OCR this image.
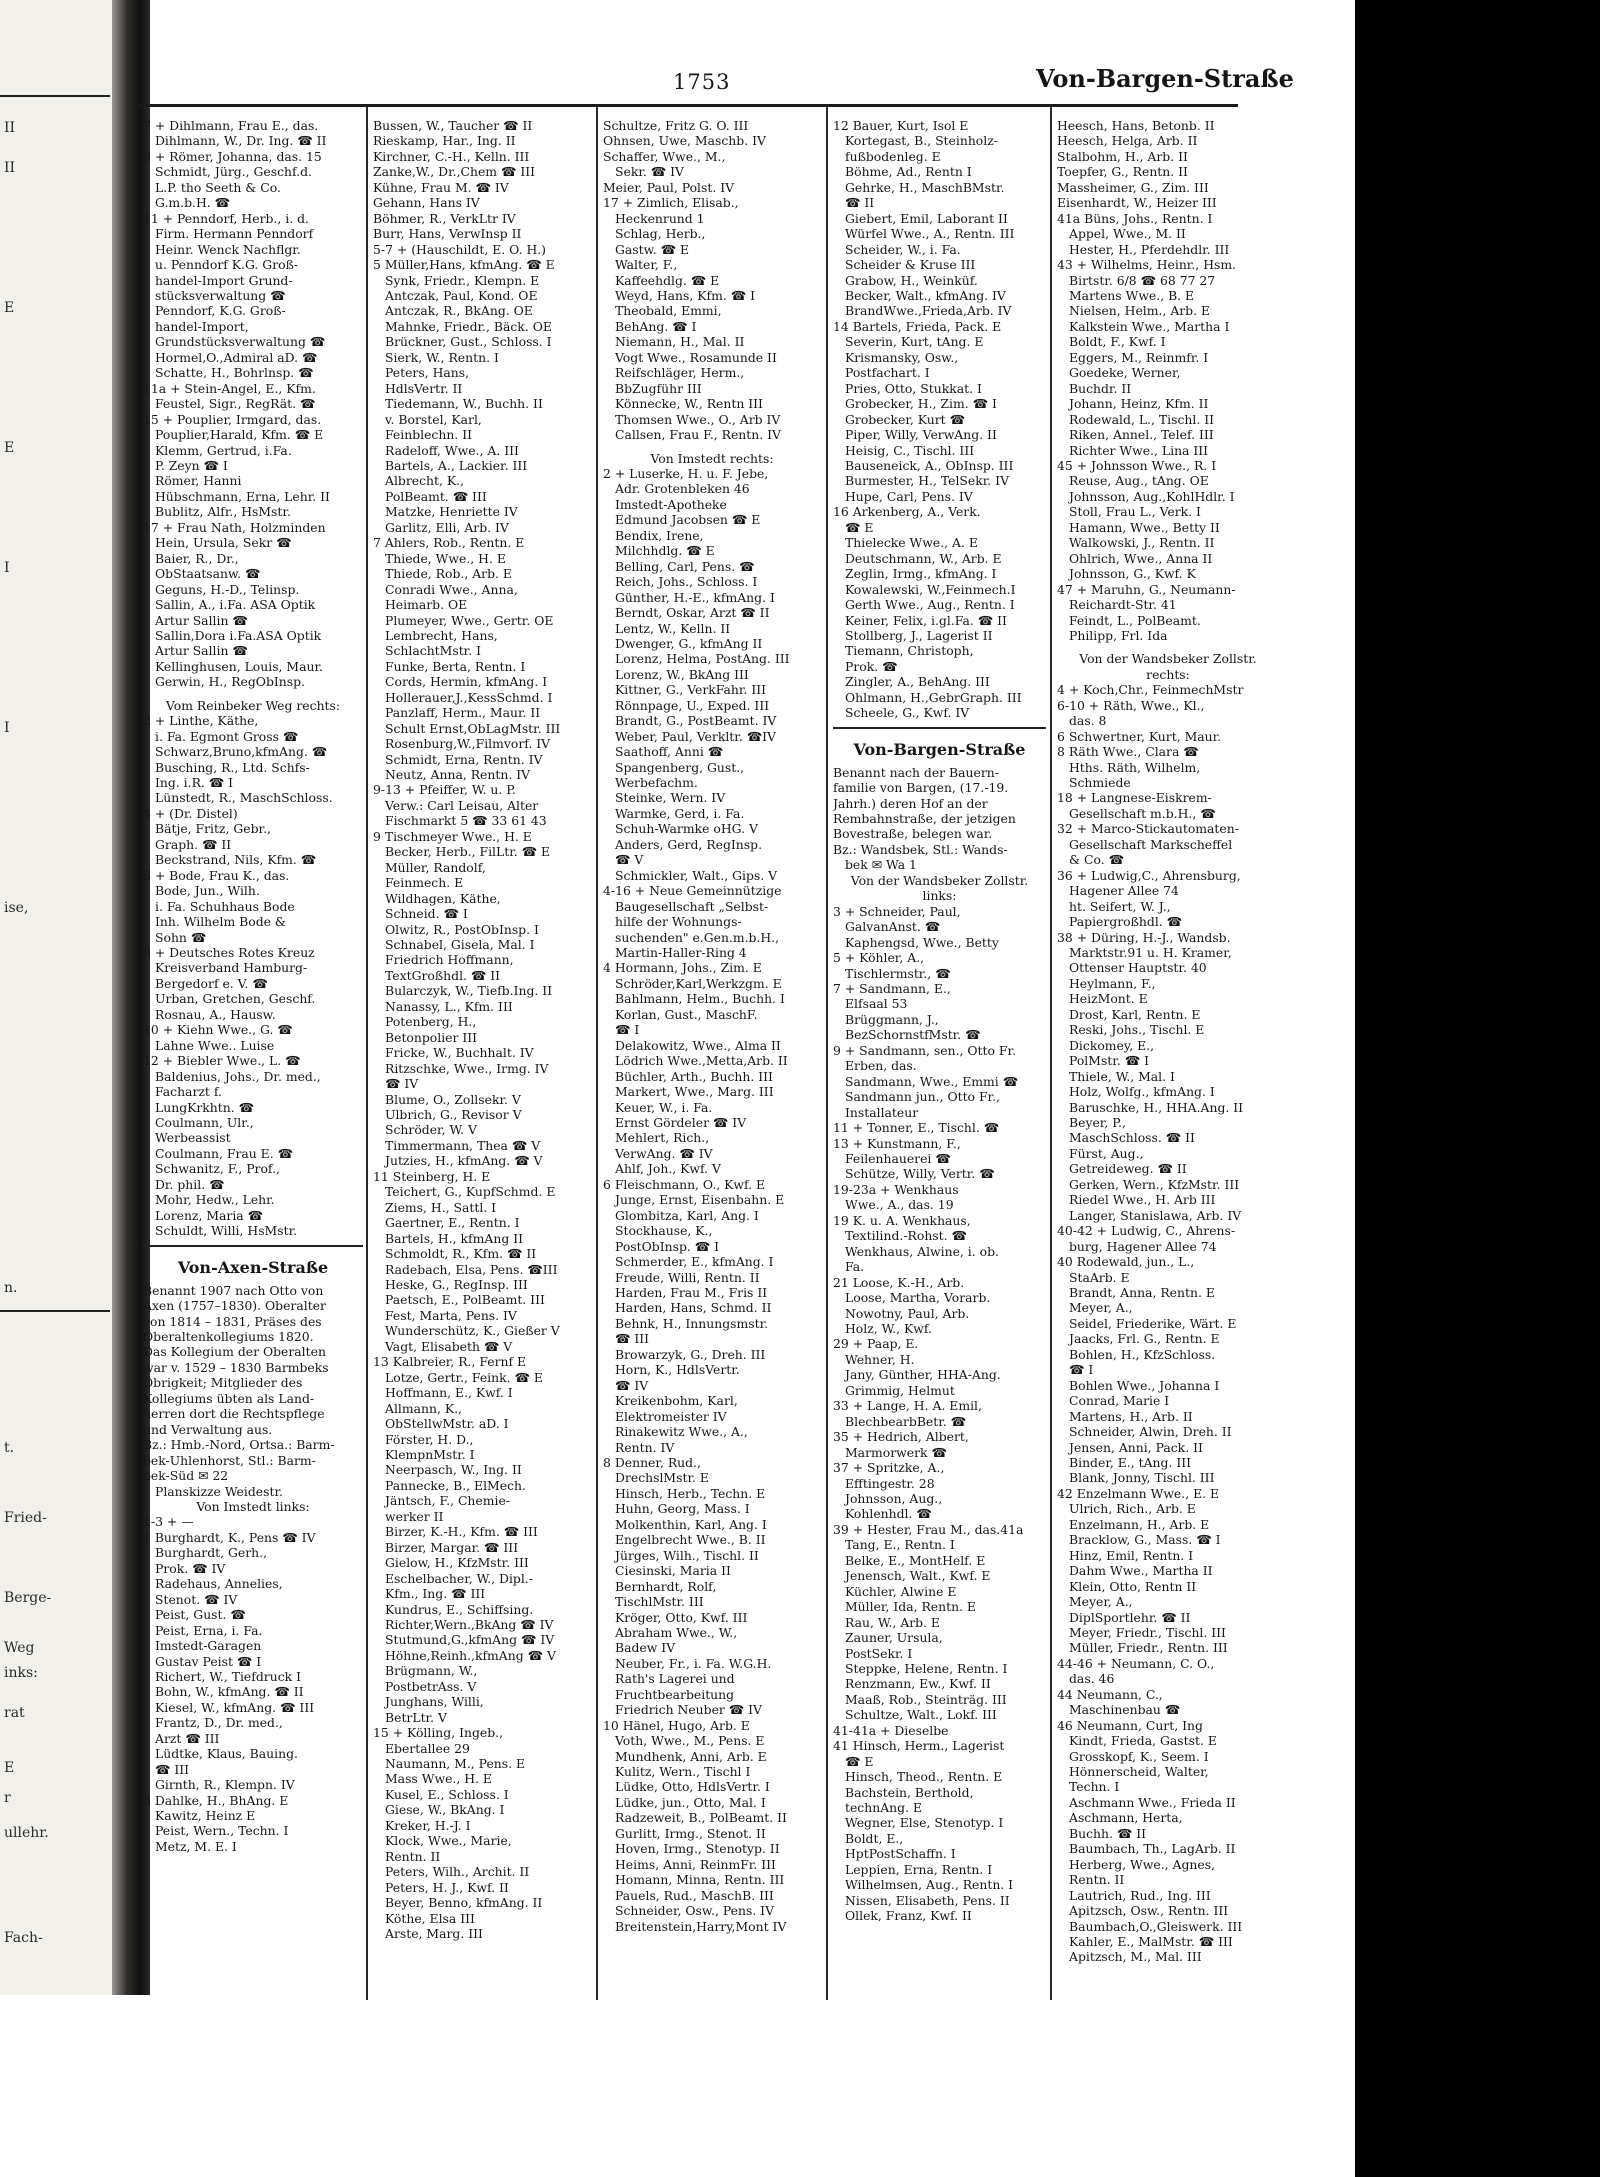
II
II
E
E
I
I
ise,
n.
t.
Fried-
Berge-
Weg
inks:
rat
E
r
ullehr.
Fach-
1753	Von-Bargen-Straße
7 + Dihlmann, Frau E., das.
Dihlmann, W., Dr. Ing. ☎ II
9 + Römer, Johanna, das. 15
Schmidt, Jürg., Geschf.d.
L.P. tho Seeth & Co.
G.m.b.H. ☎
11 + Penndorf, Herb., i. d.
Firm. Hermann Penndorf
Heinr. Wenck Nachflgr.
u. Penndorf K.G. Groß-
handel-Import Grund-
stücksverwaltung ☎
Penndorf, K.G. Groß-
handel-Import,
Grundstücksverwaltung ☎
Hormel,O.,Admiral aD. ☎
Schatte, H., Bohrlnsp. ☎
11a + Stein-Angel, E., Kfm.
Feustel, Sigr., RegRät. ☎
15 + Pouplier, Irmgard, das.
Pouplier,Harald, Kfm. ☎ E
Klemm, Gertrud, i.Fa.
P. Zeyn ☎ I
Römer, Hanni
Hübschmann, Erna, Lehr. II
Bublitz, Alfr., HsMstr.
17 + Frau Nath, Holzminden
Hein, Ursula, Sekr ☎
Baier, R., Dr.,
ObStaatsanw. ☎
Geguns, H.-D., Telinsp.
Sallin, A., i.Fa. ASA Optik
Artur Sallin ☎
Sallin,Dora i.Fa.ASA Optik
Artur Sallin ☎
Kellinghusen, Louis, Maur.
Gerwin, H., RegObInsp.
Vom Reinbeker Weg rechts:
2 + Linthe, Käthe,
i. Fa. Egmont Gross ☎
Schwarz,Bruno,kfmAng. ☎
Busching, R., Ltd. Schfs-
Ing. i.R. ☎ I
Lünstedt, R., MaschSchloss.
4 + (Dr. Distel)
Bätje, Fritz, Gebr.,
Graph. ☎ II
Beckstrand, Nils, Kfm. ☎
6 + Bode, Frau K., das.
Bode, Jun., Wilh.
i. Fa. Schuhhaus Bode
Inh. Wilhelm Bode &
Sohn ☎
8 + Deutsches Rotes Kreuz
Kreisverband Hamburg-
Bergedorf e. V. ☎
Urban, Gretchen, Geschf.
Rosnau, A., Hausw.
10 + Kiehn Wwe., G. ☎
Lahne Wwe.. Luise
12 + Biebler Wwe., L. ☎
Baldenius, Johs., Dr. med.,
Facharzt f.
LungKrkhtn. ☎
Coulmann, Ulr.,
Werbeassist
Coulmann, Frau E. ☎
Schwanitz, F., Prof.,
Dr. phil. ☎
Mohr, Hedw., Lehr.
Lorenz, Maria ☎
Schuldt, Willi, HsMstr.
Von-Axen-Straße
Benannt 1907 nach Otto von
Axen (1757–1830). Oberalter
von 1814 – 1831, Präses des
Oberaltenkollegiums 1820.
Das Kollegium der Oberalten
war v. 1529 – 1830 Barmbeks
Obrigkeit; Mitglieder des
Kollegiums übten als Land-
herren dort die Rechtspflege
und Verwaltung aus.
Bz.: Hmb.-Nord, Ortsa.: Barm-
bek-Uhlenhorst, Stl.: Barm-
bek-Süd ✉ 22
Planskizze Weidestr.
Von Imstedt links:
1-3 + —
1 Burghardt, K., Pens ☎ IV
Burghardt, Gerh.,
Prok. ☎ IV
Radehaus, Annelies,
Stenot. ☎ IV
Peist, Gust. ☎
Peist, Erna, i. Fa.
Imstedt-Garagen
Gustav Peist ☎ I
Richert, W., Tiefdruck I
Bohn, W., kfmAng. ☎ II
Kiesel, W., kfmAng. ☎ III
Frantz, D., Dr. med.,
Arzt ☎ III
Lüdtke, Klaus, Bauing.
☎ III
Girnth, R., Klempn. IV
3 Dahlke, H., BhAng. E
Kawitz, Heinz E
Peist, Wern., Techn. I
Metz, M. E. I
Bussen, W., Taucher ☎ II
Rieskamp, Har., Ing. II
Kirchner, C.-H., Kelln. III
Zanke,W., Dr.,Chem ☎ III
Kühne, Frau M. ☎ IV
Gehann, Hans IV
Böhmer, R., VerkLtr IV
Burr, Hans, VerwInsp II
5-7 + (Hauschildt, E. O. H.)
5 Müller,Hans, kfmAng. ☎ E
Synk, Friedr., Klempn. E
Antczak, Paul, Kond. OE
Antczak, R., BkAng. OE
Mahnke, Friedr., Bäck. OE
Brückner, Gust., Schloss. I
Sierk, W., Rentn. I
Peters, Hans,
HdlsVertr. II
Tiedemann, W., Buchh. II
v. Borstel, Karl,
Feinblechn. II
Radeloff, Wwe., A. III
Bartels, A., Lackier. III
Albrecht, K.,
PolBeamt. ☎ III
Matzke, Henriette IV
Garlitz, Elli, Arb. IV
7 Ahlers, Rob., Rentn. E
Thiede, Wwe., H. E
Thiede, Rob., Arb. E
Conradi Wwe., Anna,
Heimarb. OE
Plumeyer, Wwe., Gertr. OE
Lembrecht, Hans,
SchlachtMstr. I
Funke, Berta, Rentn. I
Cords, Hermin, kfmAng. I
Hollerauer,J.,KessSchmd. I
Panzlaff, Herm., Maur. II
Schult Ernst,ObLagMstr. III
Rosenburg,W.,Filmvorf. IV
Schmidt, Erna, Rentn. IV
Neutz, Anna, Rentn. IV
9-13 + Pfeiffer, W. u. P.
Verw.: Carl Leisau, Alter
Fischmarkt 5 ☎ 33 61 43
9 Tischmeyer Wwe., H. E
Becker, Herb., FilLtr. ☎ E
Müller, Randolf,
Feinmech. E
Wildhagen, Käthe,
Schneid. ☎ I
Olwitz, R., PostObInsp. I
Schnabel, Gisela, Mal. I
Friedrich Hoffmann,
TextGroßhdl. ☎ II
Bularczyk, W., Tiefb.Ing. II
Nanassy, L., Kfm. III
Potenberg, H.,
Betonpolier III
Fricke, W., Buchhalt. IV
Ritzschke, Wwe., Irmg. IV
☎ IV
Blume, O., Zollsekr. V
Ulbrich, G., Revisor V
Schröder, W. V
Timmermann, Thea ☎ V
Jutzies, H., kfmAng. ☎ V
11 Steinberg, H. E
Teichert, G., KupfSchmd. E
Ziems, H., Sattl. I
Gaertner, E., Rentn. I
Bartels, H., kfmAng II
Schmoldt, R., Kfm. ☎ II
Radebach, Elsa, Pens. ☎III
Heske, G., RegInsp. III
Paetsch, E., PolBeamt. III
Fest, Marta, Pens. IV
Wunderschütz, K., Gießer V
Vagt, Elisabeth ☎ V
13 Kalbreier, R., Fernf E
Lotze, Gertr., Feink. ☎ E
Hoffmann, E., Kwf. I
Allmann, K.,
ObStellwMstr. aD. I
Förster, H. D.,
KlempnMstr. I
Neerpasch, W., Ing. II
Pannecke, B., ElMech.
Jäntsch, F., Chemie-
werker II
Birzer, K.-H., Kfm. ☎ III
Birzer, Margar. ☎ III
Gielow, H., KfzMstr. III
Eschelbacher, W., Dipl.-
Kfm., Ing. ☎ III
Kundrus, E., Schiffsing.
Richter,Wern.,BkAng ☎ IV
Stutmund,G.,kfmAng ☎ IV
Höhne,Reinh.,kfmAng ☎ V
Brügmann, W.,
PostbetrAss. V
Junghans, Willi,
BetrLtr. V
15 + Kölling, Ingeb.,
Ebertallee 29
Naumann, M., Pens. E
Mass Wwe., H. E
Kusel, E., Schloss. I
Giese, W., BkAng. I
Kreker, H.-J. I
Klock, Wwe., Marie,
Rentn. II
Peters, Wilh., Archit. II
Peters, H. J., Kwf. II
Beyer, Benno, kfmAng. II
Köthe, Elsa III
Arste, Marg. III
Schultze, Fritz G. O. III
Ohnsen, Uwe, Maschb. IV
Schaffer, Wwe., M.,
Sekr. ☎ IV
Meier, Paul, Polst. IV
17 + Zimlich, Elisab.,
Heckenrund 1
Schlag, Herb.,
Gastw. ☎ E
Walter, F.,
Kaffeehdlg. ☎ E
Weyd, Hans, Kfm. ☎ I
Theobald, Emmi,
BehAng. ☎ I
Niemann, H., Mal. II
Vogt Wwe., Rosamunde II
Reifschläger, Herm.,
BbZugführ III
Könnecke, W., Rentn III
Thomsen Wwe., O., Arb IV
Callsen, Frau F., Rentn. IV
Von Imstedt rechts:
2 + Luserke, H. u. F. Jebe,
Adr. Grotenbleken 46
Imstedt-Apotheke
Edmund Jacobsen ☎ E
Bendix, Irene,
Milchhdlg. ☎ E
Belling, Carl, Pens. ☎
Reich, Johs., Schloss. I
Günther, H.-E., kfmAng. I
Berndt, Oskar, Arzt ☎ II
Lentz, W., Kelln. II
Dwenger, G., kfmAng II
Lorenz, Helma, PostAng. III
Lorenz, W., BkAng III
Kittner, G., VerkFahr. III
Rönnpage, U., Exped. III
Brandt, G., PostBeamt. IV
Weber, Paul, Verkltr. ☎IV
Saathoff, Anni ☎
Spangenberg, Gust.,
Werbefachm.
Steinke, Wern. IV
Warmke, Gerd, i. Fa.
Schuh-Warmke oHG. V
Anders, Gerd, RegInsp.
☎ V
Schmickler, Walt., Gips. V
4-16 + Neue Gemeinnützige
Baugesellschaft „Selbst-
hilfe der Wohnungs-
suchenden" e.Gen.m.b.H.,
Martin-Haller-Ring 4
4 Hormann, Johs., Zim. E
Schröder,Karl,Werkzgm. E
Bahlmann, Helm., Buchh. I
Korlan, Gust., MaschF.
☎ I
Delakowitz, Wwe., Alma II
Lödrich Wwe.,Metta,Arb. II
Büchler, Arth., Buchh. III
Markert, Wwe., Marg. III
Keuer, W., i. Fa.
Ernst Gördeler ☎ IV
Mehlert, Rich.,
VerwAng. ☎ IV
Ahlf, Joh., Kwf. V
6 Fleischmann, O., Kwf. E
Junge, Ernst, Eisenbahn. E
Glombitza, Karl, Ang. I
Stockhause, K.,
PostObInsp. ☎ I
Schmerder, E., kfmAng. I
Freude, Willi, Rentn. II
Harden, Frau M., Fris II
Harden, Hans, Schmd. II
Behnk, H., Innungsmstr.
☎ III
Browarzyk, G., Dreh. III
Horn, K., HdlsVertr.
☎ IV
Kreikenbohm, Karl,
Elektromeister IV
Rinakewitz Wwe., A.,
Rentn. IV
8 Denner, Rud.,
DrechslMstr. E
Hinsch, Herb., Techn. E
Huhn, Georg, Mass. I
Molkenthin, Karl, Ang. I
Engelbrecht Wwe., B. II
Jürges, Wilh., Tischl. II
Ciesinski, Maria II
Bernhardt, Rolf,
TischlMstr. III
Kröger, Otto, Kwf. III
Abraham Wwe., W.,
Badew IV
Neuber, Fr., i. Fa. W.G.H.
Rath's Lagerei und
Fruchtbearbeitung
Friedrich Neuber ☎ IV
10 Hänel, Hugo, Arb. E
Voth, Wwe., M., Pens. E
Mundhenk, Anni, Arb. E
Kulitz, Wern., Tischl I
Lüdke, Otto, HdlsVertr. I
Lüdke, jun., Otto, Mal. I
Radzeweit, B., PolBeamt. II
Gurlitt, Irmg., Stenot. II
Hoven, Irmg., Stenotyp. II
Heims, Anni, ReinmFr. III
Homann, Minna, Rentn. III
Pauels, Rud., MaschB. III
Schneider, Osw., Pens. IV
Breitenstein,Harry,Mont IV
12 Bauer, Kurt, Isol E
Kortegast, B., Steinholz-
fußbodenleg. E
Böhme, Ad., Rentn I
Gehrke, H., MaschBMstr.
☎ II
Giebert, Emil, Laborant II
Würfel Wwe., A., Rentn. III
Scheider, W., i. Fa.
Scheider & Kruse III
Grabow, H., Weinküf.
Becker, Walt., kfmAng. IV
BrandWwe.,Frieda,Arb. IV
14 Bartels, Frieda, Pack. E
Severin, Kurt, tAng. E
Krismansky, Osw.,
Postfachart. I
Pries, Otto, Stukkat. I
Grobecker, H., Zim. ☎ I
Grobecker, Kurt ☎
Piper, Willy, VerwAng. II
Heisig, C., Tischl. III
Bauseneick, A., ObInsp. III
Burmester, H., TelSekr. IV
Hupe, Carl, Pens. IV
16 Arkenberg, A., Verk.
☎ E
Thielecke Wwe., A. E
Deutschmann, W., Arb. E
Zeglin, Irmg., kfmAng. I
Kowalewski, W.,Feinmech.I
Gerth Wwe., Aug., Rentn. I
Keiner, Felix, i.gl.Fa. ☎ II
Stollberg, J., Lagerist II
Tiemann, Christoph,
Prok. ☎
Zingler, A., BehAng. III
Ohlmann, H.,GebrGraph. III
Scheele, G., Kwf. IV
Von-Bargen-Straße
Benannt nach der Bauern-
familie von Bargen, (17.-19.
Jahrh.) deren Hof an der
Rembahnstraße, der jetzigen
Bovestraße, belegen war.
Bz.: Wandsbek, Stl.: Wands-
bek ✉ Wa 1
Von der Wandsbeker Zollstr.
links:
3 + Schneider, Paul,
GalvanAnst. ☎
Kaphengsd, Wwe., Betty
5 + Köhler, A.,
Tischlermstr., ☎
7 + Sandmann, E.,
Elfsaal 53
Brüggmann, J.,
BezSchornstfMstr. ☎
9 + Sandmann, sen., Otto Fr.
Erben, das.
Sandmann, Wwe., Emmi ☎
Sandmann jun., Otto Fr.,
Installateur
11 + Tonner, E., Tischl. ☎
13 + Kunstmann, F.,
Feilenhauerei ☎
Schütze, Willy, Vertr. ☎
19-23a + Wenkhaus
Wwe., A., das. 19
19 K. u. A. Wenkhaus,
Textilind.-Rohst. ☎
Wenkhaus, Alwine, i. ob.
Fa.
21 Loose, K.-H., Arb.
Loose, Martha, Vorarb.
Nowotny, Paul, Arb.
Holz, W., Kwf.
29 + Paap, E.
Wehner, H.
Jany, Günther, HHA-Ang.
Grimmig, Helmut
33 + Lange, H. A. Emil,
BlechbearbBetr. ☎
35 + Hedrich, Albert,
Marmorwerk ☎
37 + Spritzke, A.,
Efftingestr. 28
Johnsson, Aug.,
Kohlenhdl. ☎
39 + Hester, Frau M., das.41a
Tang, E., Rentn. I
Belke, E., MontHelf. E
Jenensch, Walt., Kwf. E
Küchler, Alwine E
Müller, Ida, Rentn. E
Rau, W., Arb. E
Zauner, Ursula,
PostSekr. I
Steppke, Helene, Rentn. I
Renzmann, Ew., Kwf. II
Maaß, Rob., Steinträg. III
Schultze, Walt., Lokf. III
41-41a + Dieselbe
41 Hinsch, Herm., Lagerist
☎ E
Hinsch, Theod., Rentn. E
Bachstein, Berthold,
technAng. E
Wegner, Else, Stenotyp. I
Boldt, E.,
HptPostSchaffn. I
Leppien, Erna, Rentn. I
Wilhelmsen, Aug., Rentn. I
Nissen, Elisabeth, Pens. II
Ollek, Franz, Kwf. II
Heesch, Hans, Betonb. II
Heesch, Helga, Arb. II
Stalbohm, H., Arb. II
Toepfer, G., Rentn. II
Massheimer, G., Zim. III
Eisenhardt, W., Heizer III
41a Büns, Johs., Rentn. I
Appel, Wwe., M. II
Hester, H., Pferdehdlr. III
43 + Wilhelms, Heinr., Hsm.
Birtstr. 6/8 ☎ 68 77 27
Martens Wwe., B. E
Nielsen, Helm., Arb. E
Kalkstein Wwe., Martha I
Boldt, F., Kwf. I
Eggers, M., Reinmfr. I
Goedeke, Werner,
Buchdr. II
Johann, Heinz, Kfm. II
Rodewald, L., Tischl. II
Riken, Annel., Telef. III
Richter Wwe., Lina III
45 + Johnsson Wwe., R. I
Reuse, Aug., tAng. OE
Johnsson, Aug.,KohlHdlr. I
Stoll, Frau L., Verk. I
Hamann, Wwe., Betty II
Walkowski, J., Rentn. II
Ohlrich, Wwe., Anna II
Johnsson, G., Kwf. K
47 + Maruhn, G., Neumann-
Reichardt-Str. 41
Feindt, L., PolBeamt.
Philipp, Frl. Ida
Von der Wandsbeker Zollstr.
rechts:
4 + Koch,Chr., FeinmechMstr
6-10 + Räth, Wwe., Kl.,
das. 8
6 Schwertner, Kurt, Maur.
8 Räth Wwe., Clara ☎
Hths. Räth, Wilhelm,
Schmiede
18 + Langnese-Eiskrem-
Gesellschaft m.b.H., ☎
32 + Marco-Stickautomaten-
Gesellschaft Markscheffel
& Co. ☎
36 + Ludwig,C., Ahrensburg,
Hagener Allee 74
ht. Seifert, W. J.,
Papiergroßhdl. ☎
38 + Düring, H.-J., Wandsb.
Marktstr.91 u. H. Kramer,
Ottenser Hauptstr. 40
Heylmann, F.,
HeizMont. E
Drost, Karl, Rentn. E
Reski, Johs., Tischl. E
Dickomey, E.,
PolMstr. ☎ I
Thiele, W., Mal. I
Holz, Wolfg., kfmAng. I
Baruschke, H., HHA.Ang. II
Beyer, P.,
MaschSchloss. ☎ II
Fürst, Aug.,
Getreideweg. ☎ II
Gerken, Wern., KfzMstr. III
Riedel Wwe., H. Arb III
Langer, Stanislawa, Arb. IV
40-42 + Ludwig, C., Ahrens-
burg, Hagener Allee 74
40 Rodewald, jun., L.,
StaArb. E
Brandt, Anna, Rentn. E
Meyer, A.,
Seidel, Friederike, Wärt. E
Jaacks, Frl. G., Rentn. E
Bohlen, H., KfzSchloss.
☎ I
Bohlen Wwe., Johanna I
Conrad, Marie I
Martens, H., Arb. II
Schneider, Alwin, Dreh. II
Jensen, Anni, Pack. II
Binder, E., tAng. III
Blank, Jonny, Tischl. III
42 Enzelmann Wwe., E. E
Ulrich, Rich., Arb. E
Enzelmann, H., Arb. E
Bracklow, G., Mass. ☎ I
Hinz, Emil, Rentn. I
Dahm Wwe., Martha II
Klein, Otto, Rentn II
Meyer, A.,
DiplSportlehr. ☎ II
Meyer, Friedr., Tischl. III
Müller, Friedr., Rentn. III
44-46 + Neumann, C. O.,
das. 46
44 Neumann, C.,
Maschinenbau ☎
46 Neumann, Curt, Ing
Kindt, Frieda, Gastst. E
Grosskopf, K., Seem. I
Hönnerscheid, Walter,
Techn. I
Aschmann Wwe., Frieda II
Aschmann, Herta,
Buchh. ☎ II
Baumbach, Th., LagArb. II
Herberg, Wwe., Agnes,
Rentn. II
Lautrich, Rud., Ing. III
Apitzsch, Osw., Rentn. III
Baumbach,O.,Gleiswerk. III
Kahler, E., MalMstr. ☎ III
Apitzsch, M., Mal. III
